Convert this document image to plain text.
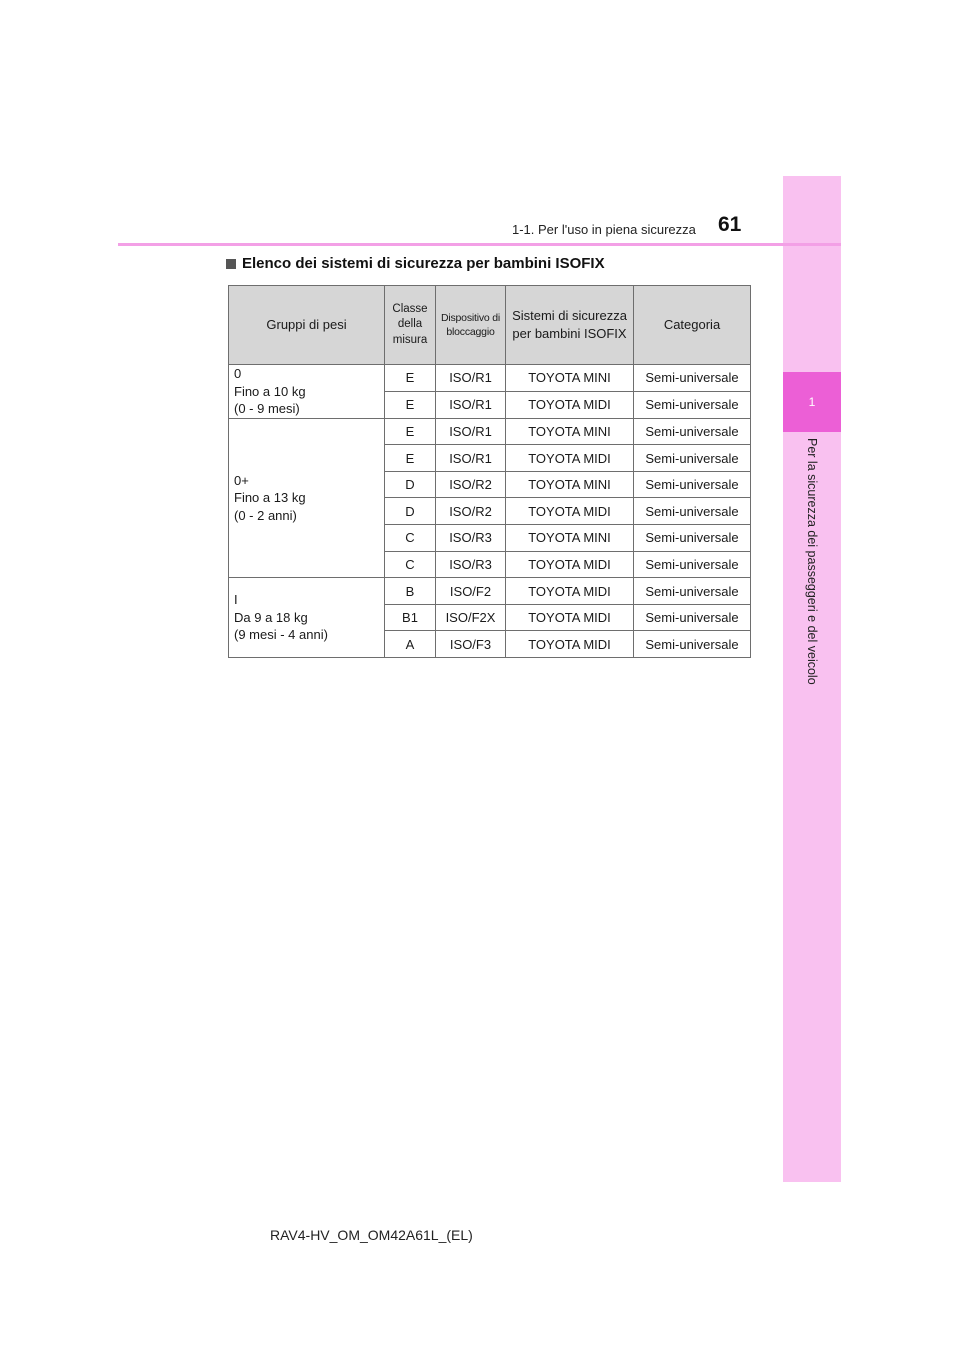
1
Per la sicurezza dei passeggeri e del veicolo
1-1. Per l'uso in piena sicurezza 61
Elenco dei sistemi di sicurezza per bambini ISOFIX
Gruppi di pesi	Classe della misura	Dispositivo di bloccaggio	Sistemi di sicurezza per bambini ISOFIX	Categoria

0
Fino a 10 kg
(0 - 9 mesi)	E	ISO/R1	TOYOTA MINI	Semi-universale
	E	ISO/R1	TOYOTA MIDI	Semi-universale

0+
Fino a 13 kg
(0 - 2 anni)	E	ISO/R1	TOYOTA MINI	Semi-universale
	E	ISO/R1	TOYOTA MIDI	Semi-universale
	D	ISO/R2	TOYOTA MINI	Semi-universale
	D	ISO/R2	TOYOTA MIDI	Semi-universale
	C	ISO/R3	TOYOTA MINI	Semi-universale
	C	ISO/R3	TOYOTA MIDI	Semi-universale

I
Da 9 a 18 kg
(9 mesi - 4 anni)	B	ISO/F2	TOYOTA MIDI	Semi-universale
	B1	ISO/F2X	TOYOTA MIDI	Semi-universale
	A	ISO/F3	TOYOTA MIDI	Semi-universale
RAV4-HV_OM_OM42A61L_(EL)
